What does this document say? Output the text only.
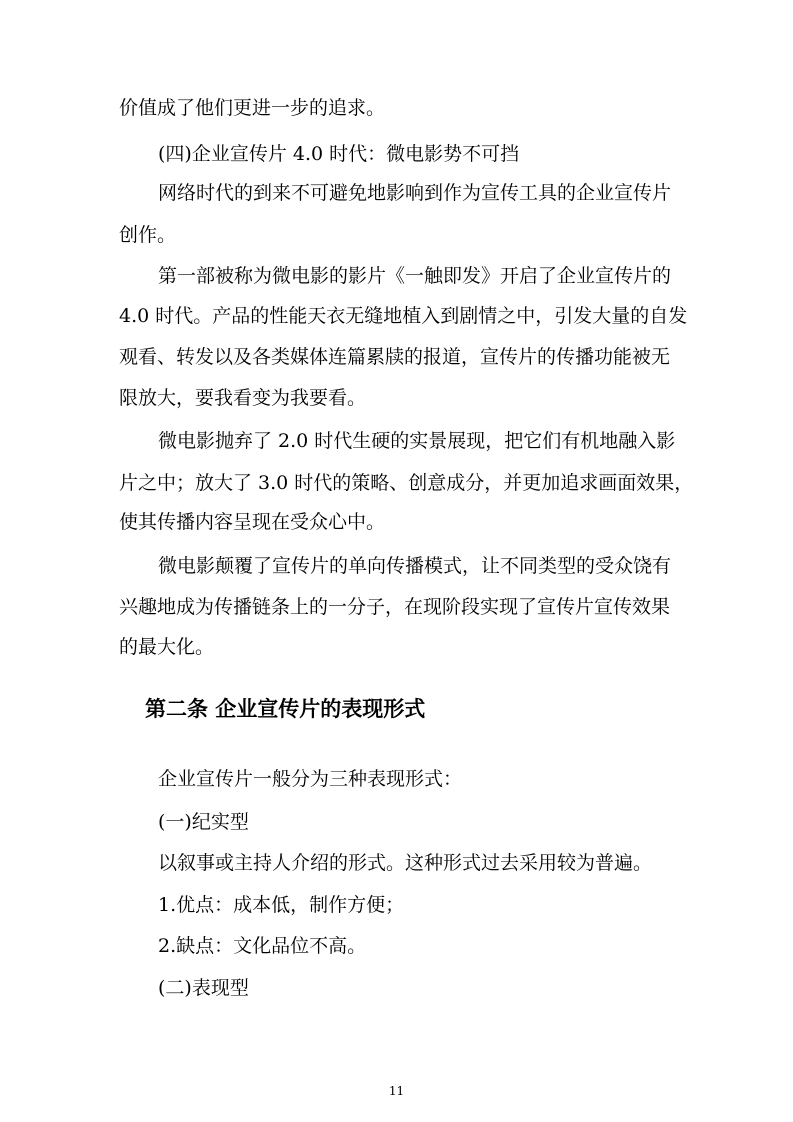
价值成了他们更进一步的追求。

(四)企业宣传片 4.0 时代：微电影势不可挡

网络时代的到来不可避免地影响到作为宣传工具的企业宣传片

创作。

第一部被称为微电影的影片《一触即发》开启了企业宣传片的

4.0 时代。产品的性能天衣无缝地植入到剧情之中，引发大量的自发

观看、转发以及各类媒体连篇累牍的报道，宣传片的传播功能被无

限放大，要我看变为我要看。

微电影抛弃了 2.0 时代生硬的实景展现，把它们有机地融入影

片之中；放大了 3.0 时代的策略、创意成分，并更加追求画面效果，

使其传播内容呈现在受众心中。

微电影颠覆了宣传片的单向传播模式，让不同类型的受众饶有

兴趣地成为传播链条上的一分子，在现阶段实现了宣传片宣传效果

的最大化。

第二条 企业宣传片的表现形式

企业宣传片一般分为三种表现形式：

(一)纪实型

以叙事或主持人介绍的形式。这种形式过去采用较为普遍。

1.优点：成本低，制作方便；

2.缺点：文化品位不高。

(二)表现型

11
